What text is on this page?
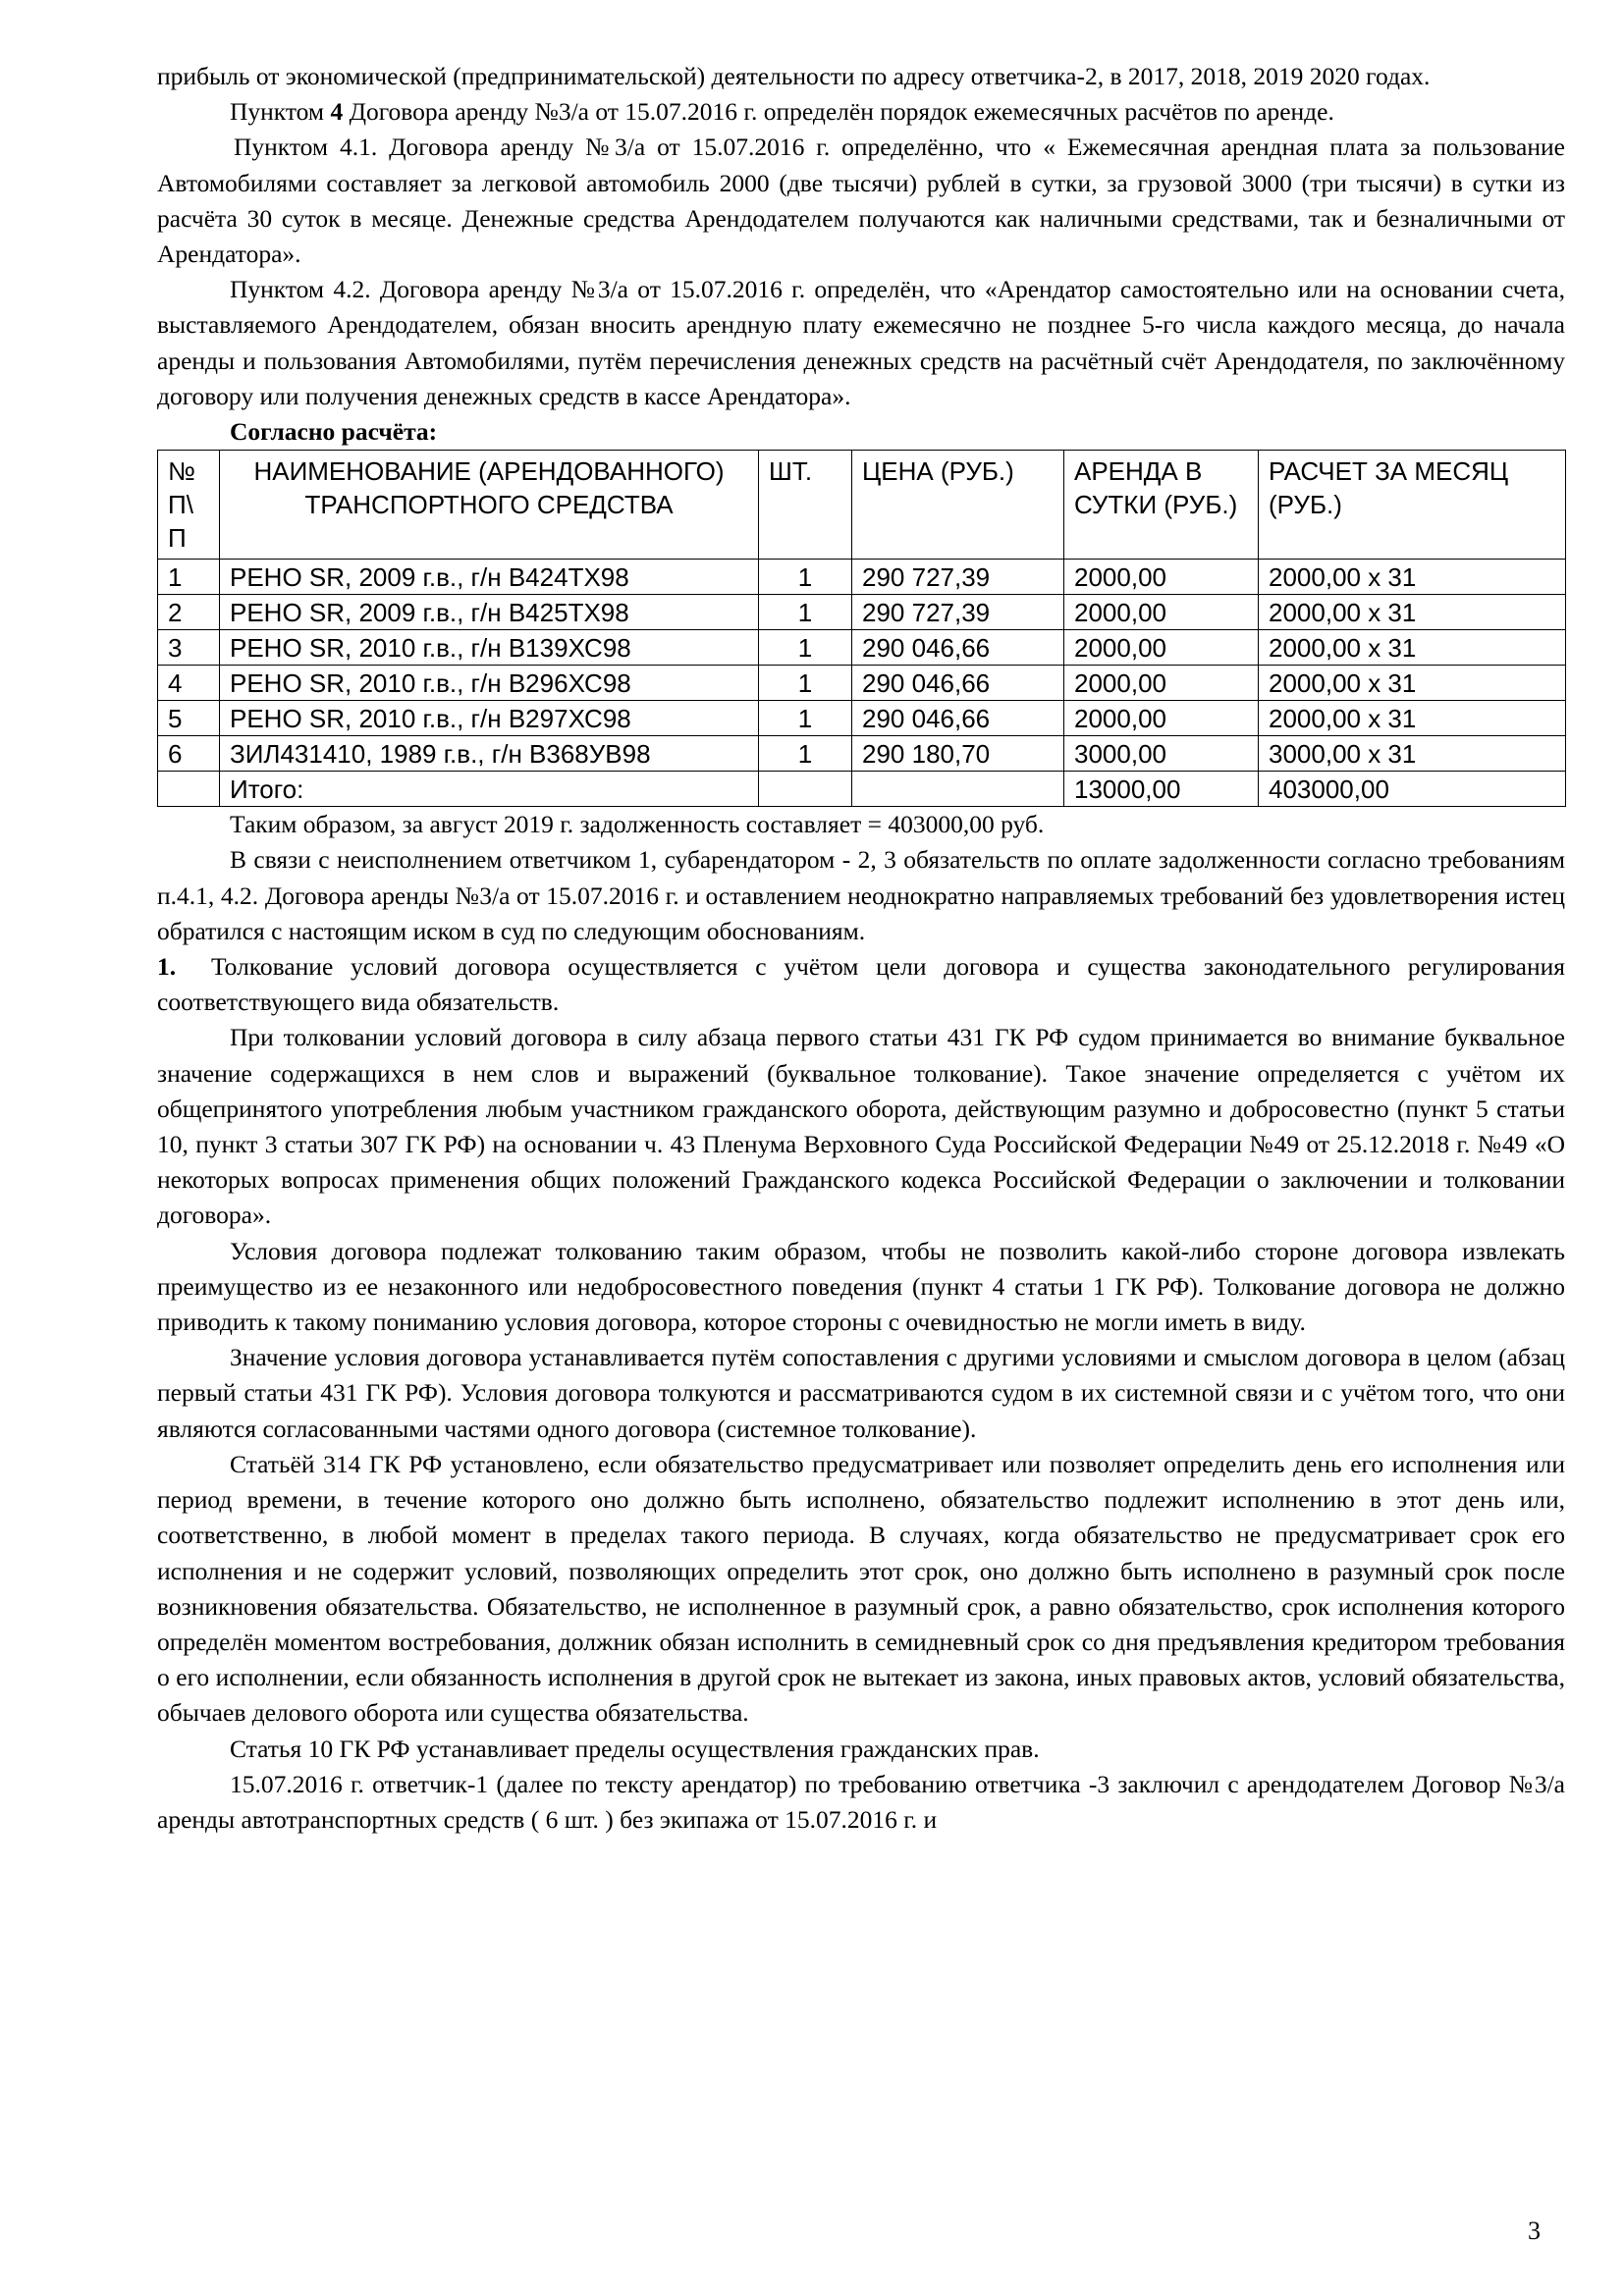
прибыль от экономической (предпринимательской) деятельности по адресу ответчика-2, в 2017, 2018, 2019 2020 годах.

Пунктом 4 Договора аренду №3/а от 15.07.2016 г. определён порядок ежемесячных расчётов по аренде.

Пунктом 4.1. Договора аренду №3/а от 15.07.2016 г. определённо, что « Ежемесячная арендная плата за пользование Автомобилями составляет за легковой автомобиль 2000 (две тысячи) рублей в сутки, за грузовой 3000 (три тысячи) в сутки из расчёта 30 суток в месяце. Денежные средства Арендодателем получаются как наличными средствами, так и безналичными от Арендатора».

Пунктом 4.2. Договора аренду №3/а от 15.07.2016 г. определён, что «Арендатор самостоятельно или на основании счета, выставляемого Арендодателем, обязан вносить арендную плату ежемесячно не позднее 5-го числа каждого месяца, до начала аренды и пользования Автомобилями, путём перечисления денежных средств на расчётный счёт Арендодателя, по заключённому договору или получения денежных средств в кассе Арендатора».

Согласно расчёта:

№ П\ П	НАИМЕНОВАНИЕ (АРЕНДОВАННОГО) ТРАНСПОРТНОГО СРЕДСТВА	ШТ.	ЦЕНА (РУБ.)	АРЕНДА В СУТКИ (РУБ.)	РАСЧЕТ ЗА МЕСЯЦ (РУБ.)
1	РЕНО SR, 2009 г.в., г/н В424ТХ98	1	290 727,39	2000,00	2000,00 х 31
2	РЕНО SR, 2009 г.в., г/н В425ТХ98	1	290 727,39	2000,00	2000,00 х 31
3	РЕНО SR, 2010 г.в., г/н В139ХС98	1	290 046,66	2000,00	2000,00 х 31
4	РЕНО SR, 2010 г.в., г/н В296ХС98	1	290 046,66	2000,00	2000,00 х 31
5	РЕНО SR, 2010 г.в., г/н В297ХС98	1	290 046,66	2000,00	2000,00 х 31
6	ЗИЛ431410, 1989 г.в., г/н В368УВ98	1	290 180,70	3000,00	3000,00 х 31
	Итого:			13000,00	403000,00

Таким образом, за август 2019 г. задолженность составляет = 403000,00 руб.

В связи с неисполнением ответчиком 1, субарендатором - 2, 3 обязательств по оплате задолженности согласно требованиям п.4.1, 4.2. Договора аренды №3/а от 15.07.2016 г. и оставлением неоднократно направляемых требований без удовлетворения истец обратился с настоящим иском в суд по следующим обоснованиям.

1. Толкование условий договора осуществляется с учётом цели договора и существа законодательного регулирования соответствующего вида обязательств.

При толковании условий договора в силу абзаца первого статьи 431 ГК РФ судом принимается во внимание буквальное значение содержащихся в нем слов и выражений (буквальное толкование). Такое значение определяется с учётом их общепринятого употребления любым участником гражданского оборота, действующим разумно и добросовестно (пункт 5 статьи 10, пункт 3 статьи 307 ГК РФ) на основании ч. 43 Пленума Верховного Суда Российской Федерации №49 от 25.12.2018 г. №49 «О некоторых вопросах применения общих положений Гражданского кодекса Российской Федерации о заключении и толковании договора».

Условия договора подлежат толкованию таким образом, чтобы не позволить какой-либо стороне договора извлекать преимущество из ее незаконного или недобросовестного поведения (пункт 4 статьи 1 ГК РФ). Толкование договора не должно приводить к такому пониманию условия договора, которое стороны с очевидностью не могли иметь в виду.

Значение условия договора устанавливается путём сопоставления с другими условиями и смыслом договора в целом (абзац первый статьи 431 ГК РФ). Условия договора толкуются и рассматриваются судом в их системной связи и с учётом того, что они являются согласованными частями одного договора (системное толкование).

Статьёй 314 ГК РФ установлено, если обязательство предусматривает или позволяет определить день его исполнения или период времени, в течение которого оно должно быть исполнено, обязательство подлежит исполнению в этот день или, соответственно, в любой момент в пределах такого периода. В случаях, когда обязательство не предусматривает срок его исполнения и не содержит условий, позволяющих определить этот срок, оно должно быть исполнено в разумный срок после возникновения обязательства. Обязательство, не исполненное в разумный срок, а равно обязательство, срок исполнения которого определён моментом востребования, должник обязан исполнить в семидневный срок со дня предъявления кредитором требования о его исполнении, если обязанность исполнения в другой срок не вытекает из закона, иных правовых актов, условий обязательства, обычаев делового оборота или существа обязательства.

Статья 10 ГК РФ устанавливает пределы осуществления гражданских прав.

15.07.2016 г. ответчик-1 (далее по тексту арендатор) по требованию ответчика -3 заключил с арендодателем Договор №3/а аренды автотранспортных средств ( 6 шт. ) без экипажа от 15.07.2016 г. и

3
